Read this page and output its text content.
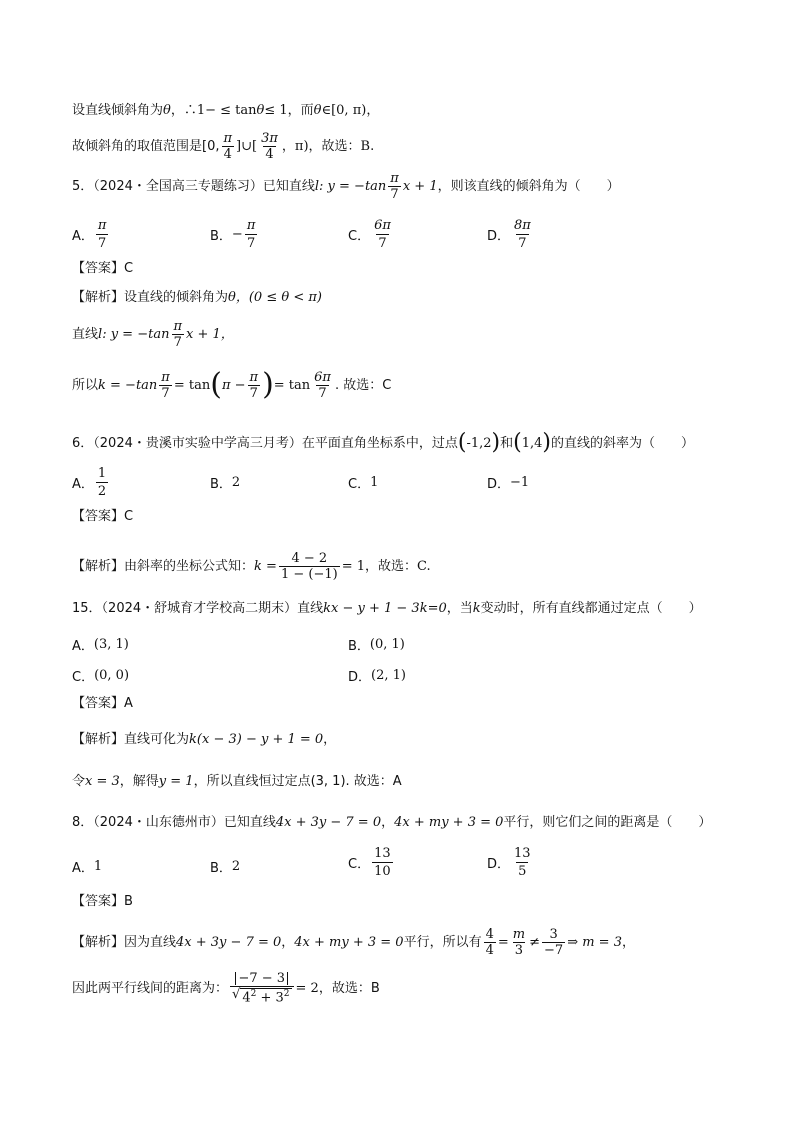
设直线倾斜角为 θ ，∴1− ≤ tan θ ≤ 1，而 θ ∈[0, π)，
故倾斜角的取值范围是[0,
π
4
]∪[
3π
4
，π)，故选：B.
5．（2024・全国高三专题练习）已知直线 l : y = −tan
π
7
x + 1 ，则该直线的倾斜角为（　　）
A．
π
7	B． − $\frac{\pi}{7}$	C．
6π
7	D．
8π
7
【答案】C
【解析】 设直线的倾斜角为 θ ，(0 ≤ θ < π)
直线 l : y = −tan
π
7
x + 1，
所以 $k = -\tan \frac{\pi}{7} = \tan$ ( $\pi - \frac{\pi}{7}$ ) = tan
6π
7
. 故选：C
6．（2024・贵溪市实验中学高三月考）在平面直角坐标系中，过点 ( -1,2 ) 和 ( 1,4 ) 的直线的斜率为（　　）
A．
1
2	B． 2	C． 1	D． −1
【答案】C
【解析】 由斜率的坐标公式知： $k = \frac{4 - 2}{1 - (-1)} = 1$，故选：C.
15．（2024・舒城育才学校高二期末）直线 kx − y + 1 − 3k=0 ，当 k 变动时，所有直线都通过定点（　　）
A． (3, 1)	B． (0, 1)
C． (0, 0)	D． (2, 1)
【答案】A
【解析】 直线可化为 k(x − 3) − y + 1 = 0 ，
令 x = 3 ，解得 y = 1 ，所以直线恒过定点(3, 1). 故选：A
8．（2024・山东德州市）已知直线 4x + 3y − 7 = 0 ， 4x + my + 3 = 0 平行，则它们之间的距离是（　　）
A． 1	B． 2	C．
13
10	D．
13
5
【答案】B
【解析】 因为直线 4x + 3y − 7 = 0 ， 4x + my + 3 = 0 平行，所以有 $\frac{4}{4} = \frac{m}{3}$ ≠
3
−7
⇒ m = 3 ，
因此两平行线间的距离为： $\frac{-7 - 3}{√ 4^2 + 3^2} = 2$ ，故选：B
